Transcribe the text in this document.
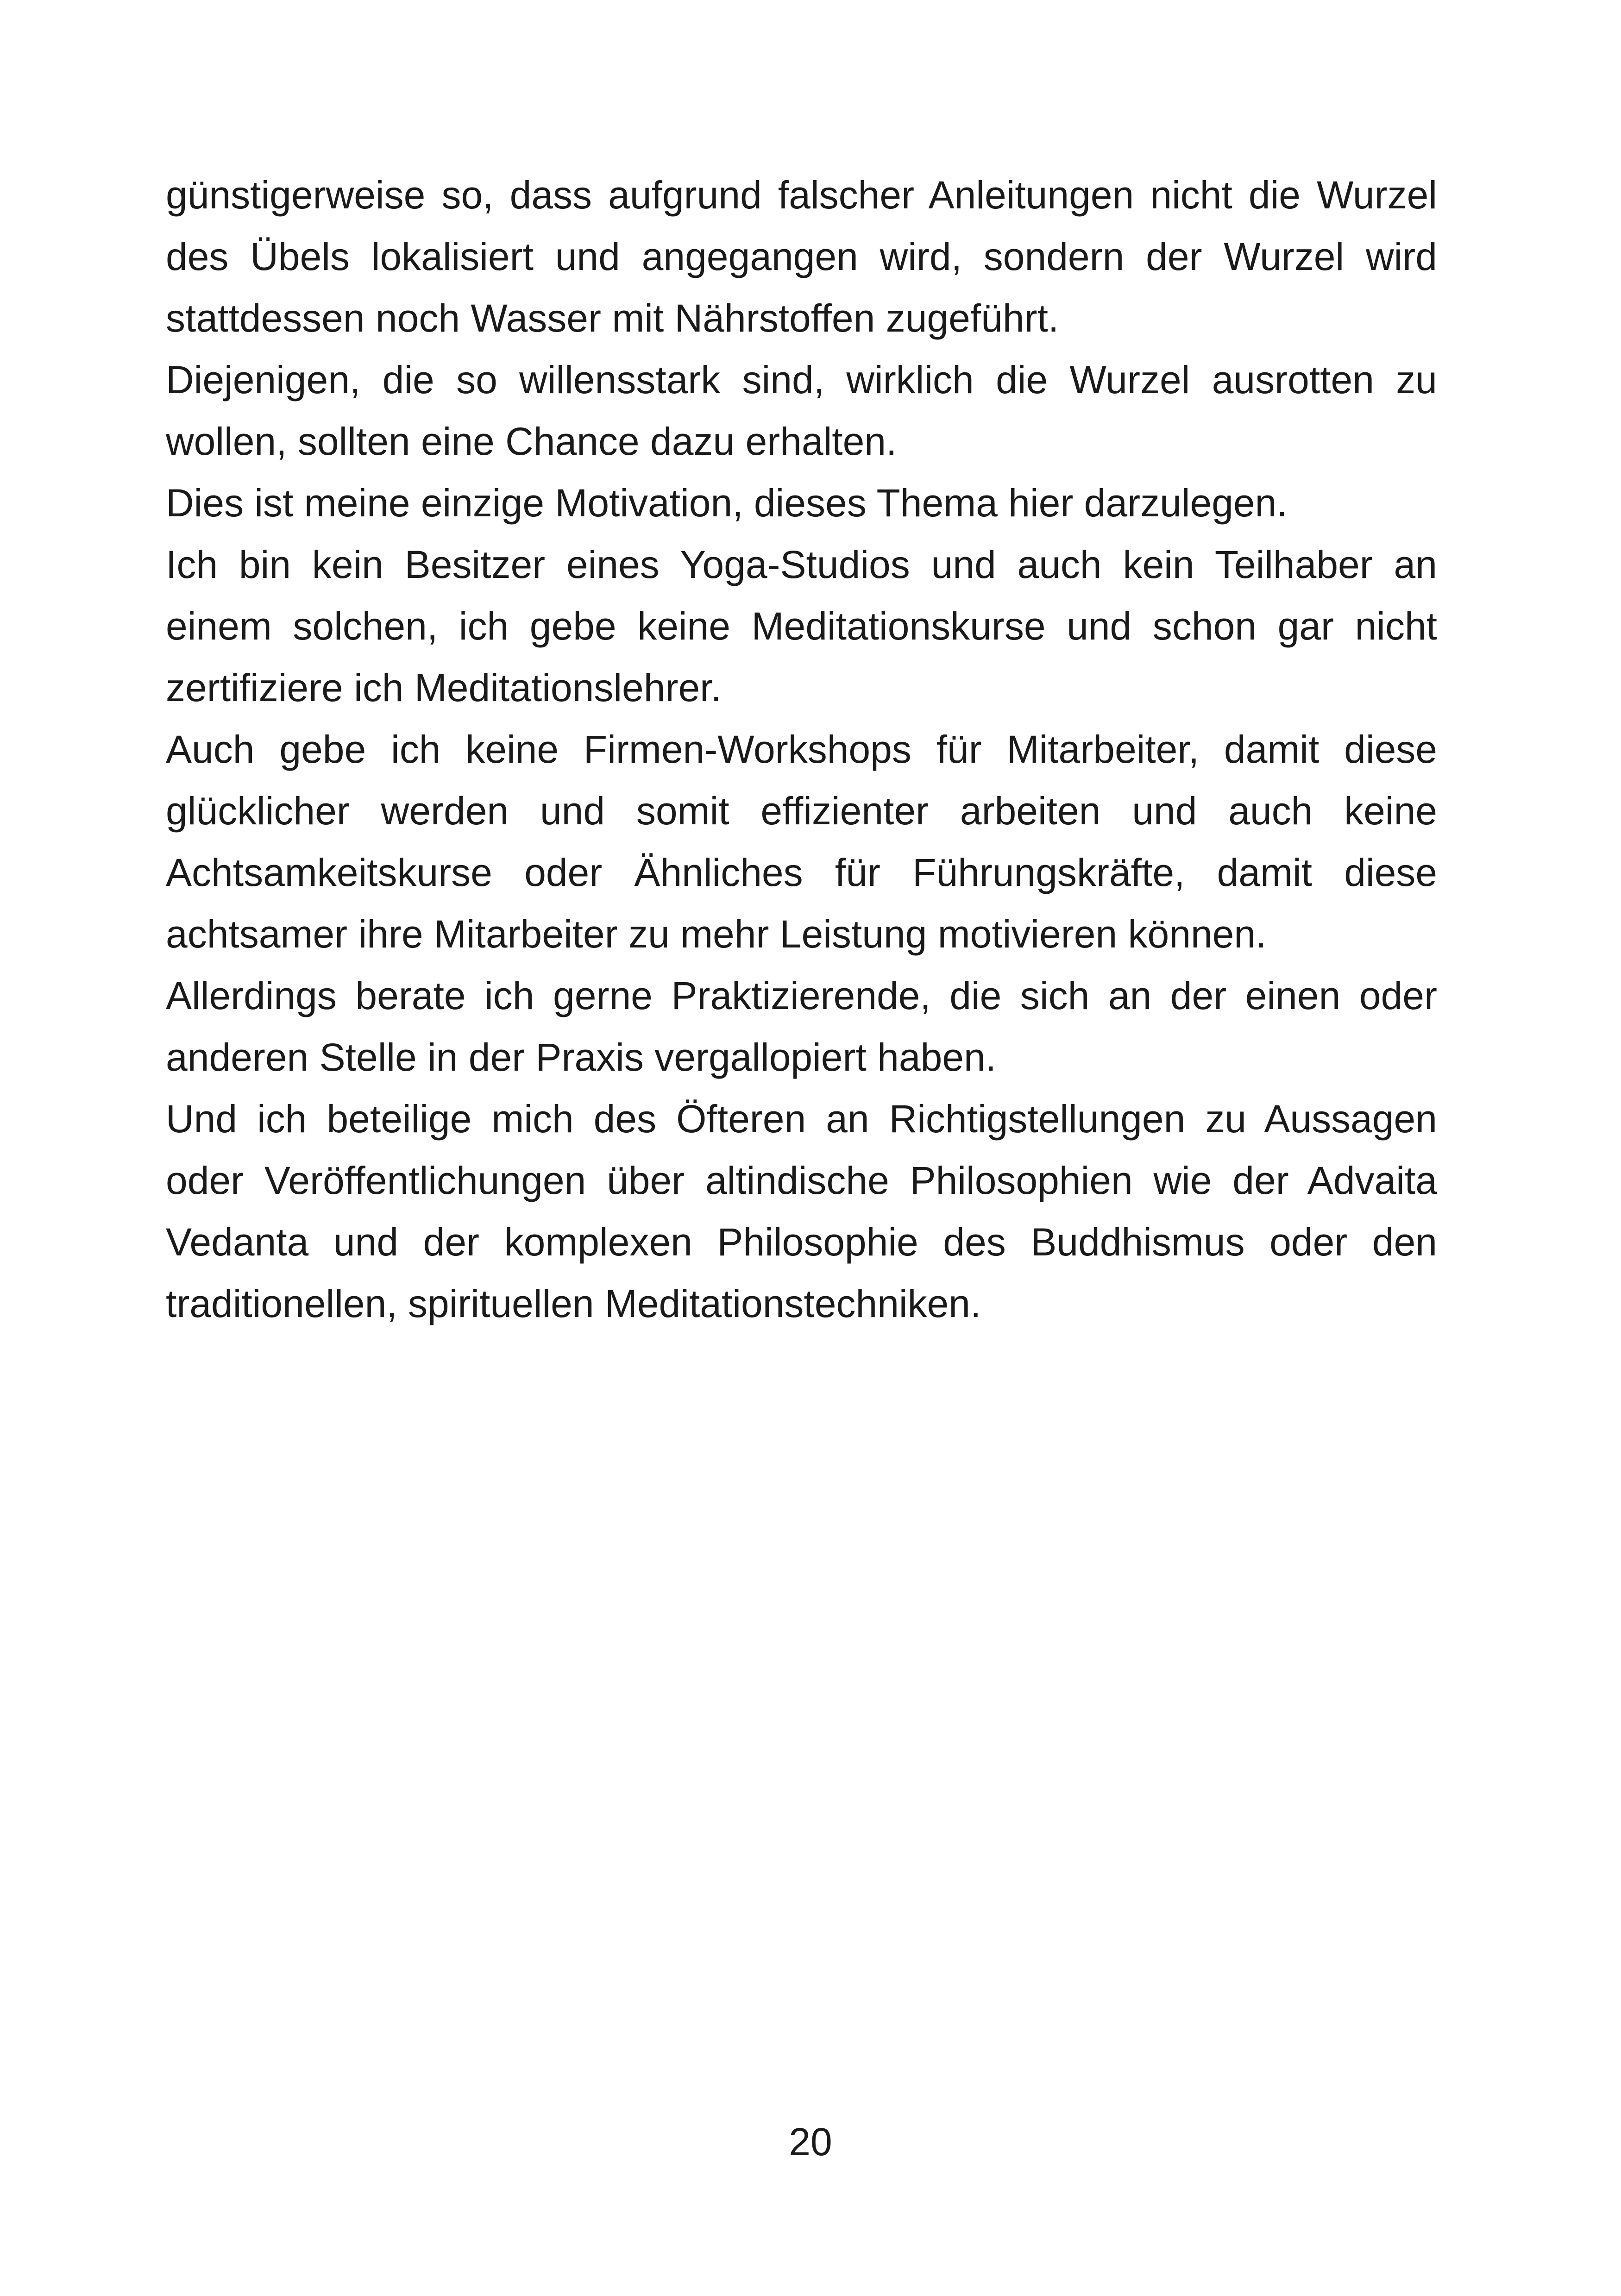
günstigerweise so, dass aufgrund falscher Anleitungen nicht die Wurzel des Übels lokalisiert und angegangen wird, sondern der Wurzel wird stattdessen noch Wasser mit Nährstoffen zugeführt.

Diejenigen, die so willensstark sind, wirklich die Wurzel ausrotten zu wollen, sollten eine Chance dazu erhalten.

Dies ist meine einzige Motivation, dieses Thema hier darzulegen.

Ich bin kein Besitzer eines Yoga-Studios und auch kein Teilhaber an einem solchen, ich gebe keine Meditationskurse und schon gar nicht zertifiziere ich Meditationslehrer.

Auch gebe ich keine Firmen-Workshops für Mitarbeiter, damit diese glücklicher werden und somit effizienter arbeiten und auch keine Achtsamkeitskurse oder Ähnliches für Führungskräfte, damit diese achtsamer ihre Mitarbeiter zu mehr Leistung motivieren können.

Allerdings berate ich gerne Praktizierende, die sich an der einen oder anderen Stelle in der Praxis vergallopiert haben.

Und ich beteilige mich des Öfteren an Richtigstellungen zu Aussagen oder Veröffentlichungen über altindische Philosophien wie der Advaita Vedanta und der komplexen Philosophie des Buddhismus oder den traditionellen, spirituellen Meditationstechniken.

20
